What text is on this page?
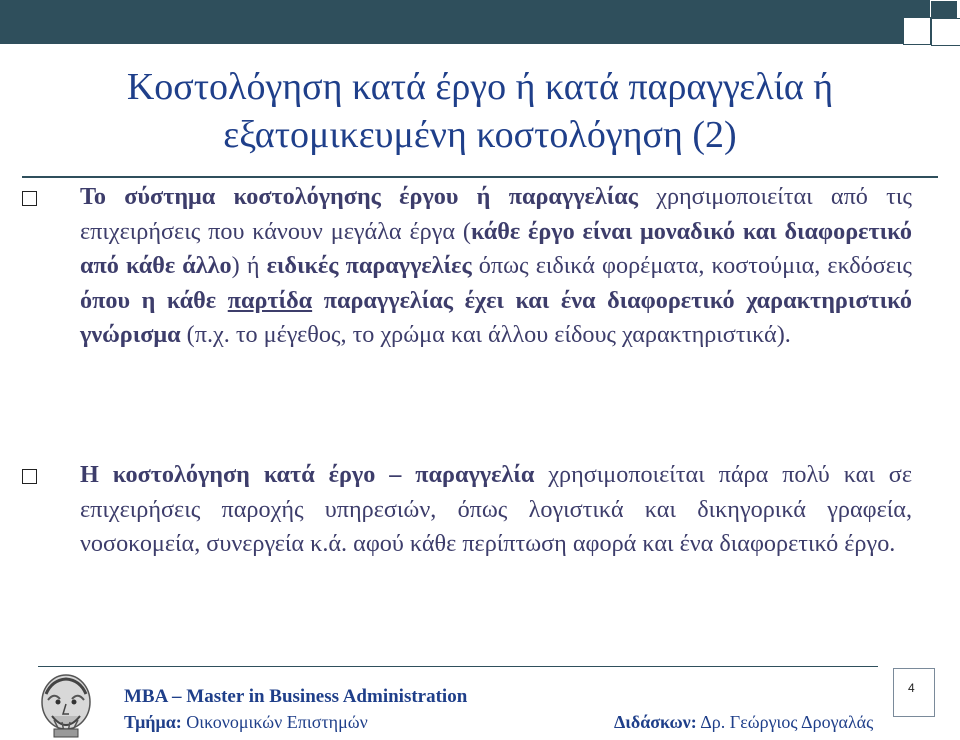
Κοστολόγηση κατά έργο ή κατά παραγγελία ή
εξατομικευμένη κοστολόγηση (2)
Το σύστημα κοστολόγησης έργου ή παραγγελίας χρησιμοποιείται από τις επιχειρήσεις που κάνουν μεγάλα έργα (κάθε έργο είναι μοναδικό και διαφορετικό από κάθε άλλο) ή ειδικές παραγγελίες όπως ειδικά φορέματα, κοστούμια, εκδόσεις όπου η κάθε παρτίδα παραγγελίας έχει και ένα διαφορετικό χαρακτηριστικό γνώρισμα (π.χ. το μέγεθος, το χρώμα και άλλου είδους χαρακτηριστικά).
Η κοστολόγηση κατά έργο – παραγγελία χρησιμοποιείται πάρα πολύ και σε επιχειρήσεις παροχής υπηρεσιών, όπως λογιστικά και δικηγορικά γραφεία, νοσοκομεία, συνεργεία κ.ά. αφού κάθε περίπτωση αφορά και ένα διαφορετικό έργο.
MBA – Master in Business Administration
Τμήμα: Οικονομικών Επιστημών	Διδάσκων: Δρ. Γεώργιος Δρογαλάς
4
